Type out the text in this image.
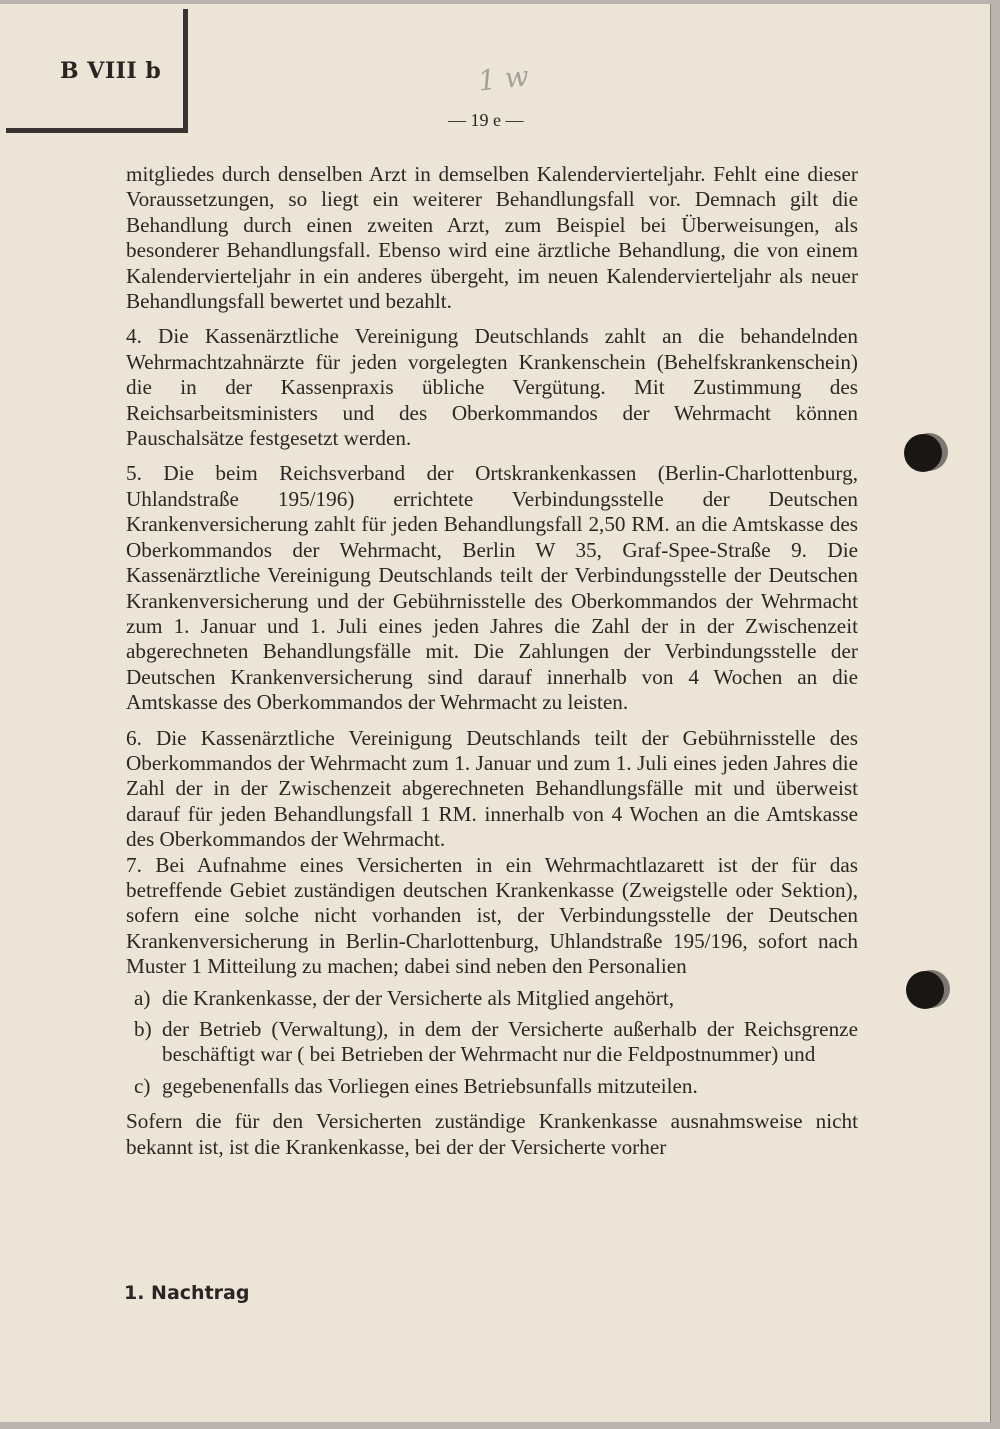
B VIII b	1 w
— 19 e —

mitgliedes durch denselben Arzt in demselben Kalendervierteljahr. Fehlt eine dieser Voraussetzungen, so liegt ein weiterer Behandlungsfall vor. Demnach gilt die Behandlung durch einen zweiten Arzt, zum Beispiel bei Überweisungen, als besonderer Behandlungsfall. Ebenso wird eine ärztliche Behandlung, die von einem Kalendervierteljahr in ein anderes übergeht, im neuen Kalendervierteljahr als neuer Behandlungsfall bewertet und bezahlt.

4. Die Kassenärztliche Vereinigung Deutschlands zahlt an die behandelnden Wehrmachtzahnärzte für jeden vorgelegten Krankenschein (Behelfskrankenschein) die in der Kassenpraxis übliche Vergütung. Mit Zustimmung des Reichsarbeitsministers und des Oberkommandos der Wehrmacht können Pauschalsätze festgesetzt werden.

5. Die beim Reichsverband der Ortskrankenkassen (Berlin-Charlottenburg, Uhlandstraße 195/196) errichtete Verbindungsstelle der Deutschen Krankenversicherung zahlt für jeden Behandlungsfall 2,50 RM. an die Amtskasse des Oberkommandos der Wehrmacht, Berlin W 35, Graf-Spee-Straße 9. Die Kassenärztliche Vereinigung Deutschlands teilt der Verbindungsstelle der Deutschen Krankenversicherung und der Gebührnisstelle des Oberkommandos der Wehrmacht zum 1. Januar und 1. Juli eines jeden Jahres die Zahl der in der Zwischenzeit abgerechneten Behandlungsfälle mit. Die Zahlungen der Verbindungsstelle der Deutschen Krankenversicherung sind darauf innerhalb von 4 Wochen an die Amtskasse des Oberkommandos der Wehrmacht zu leisten.

6. Die Kassenärztliche Vereinigung Deutschlands teilt der Gebührnisstelle des Oberkommandos der Wehrmacht zum 1. Januar und zum 1. Juli eines jeden Jahres die Zahl der in der Zwischenzeit abgerechneten Behandlungsfälle mit und überweist darauf für jeden Behandlungsfall 1 RM. innerhalb von 4 Wochen an die Amtskasse des Oberkommandos der Wehrmacht.

7. Bei Aufnahme eines Versicherten in ein Wehrmachtlazarett ist der für das betreffende Gebiet zuständigen deutschen Krankenkasse (Zweigstelle oder Sektion), sofern eine solche nicht vorhanden ist, der Verbindungsstelle der Deutschen Krankenversicherung in Berlin-Charlottenburg, Uhlandstraße 195/196, sofort nach Muster 1 Mitteilung zu machen; dabei sind neben den Personalien

a) die Krankenkasse, der der Versicherte als Mitglied angehört,
b) der Betrieb (Verwaltung), in dem der Versicherte außerhalb der Reichsgrenze beschäftigt war ( bei Betrieben der Wehrmacht nur die Feldpostnummer) und
c) gegebenenfalls das Vorliegen eines Betriebsunfalls mitzuteilen.

Sofern die für den Versicherten zuständige Krankenkasse ausnahmsweise nicht bekannt ist, ist die Krankenkasse, bei der der Versicherte vorher

1. Nachtrag
